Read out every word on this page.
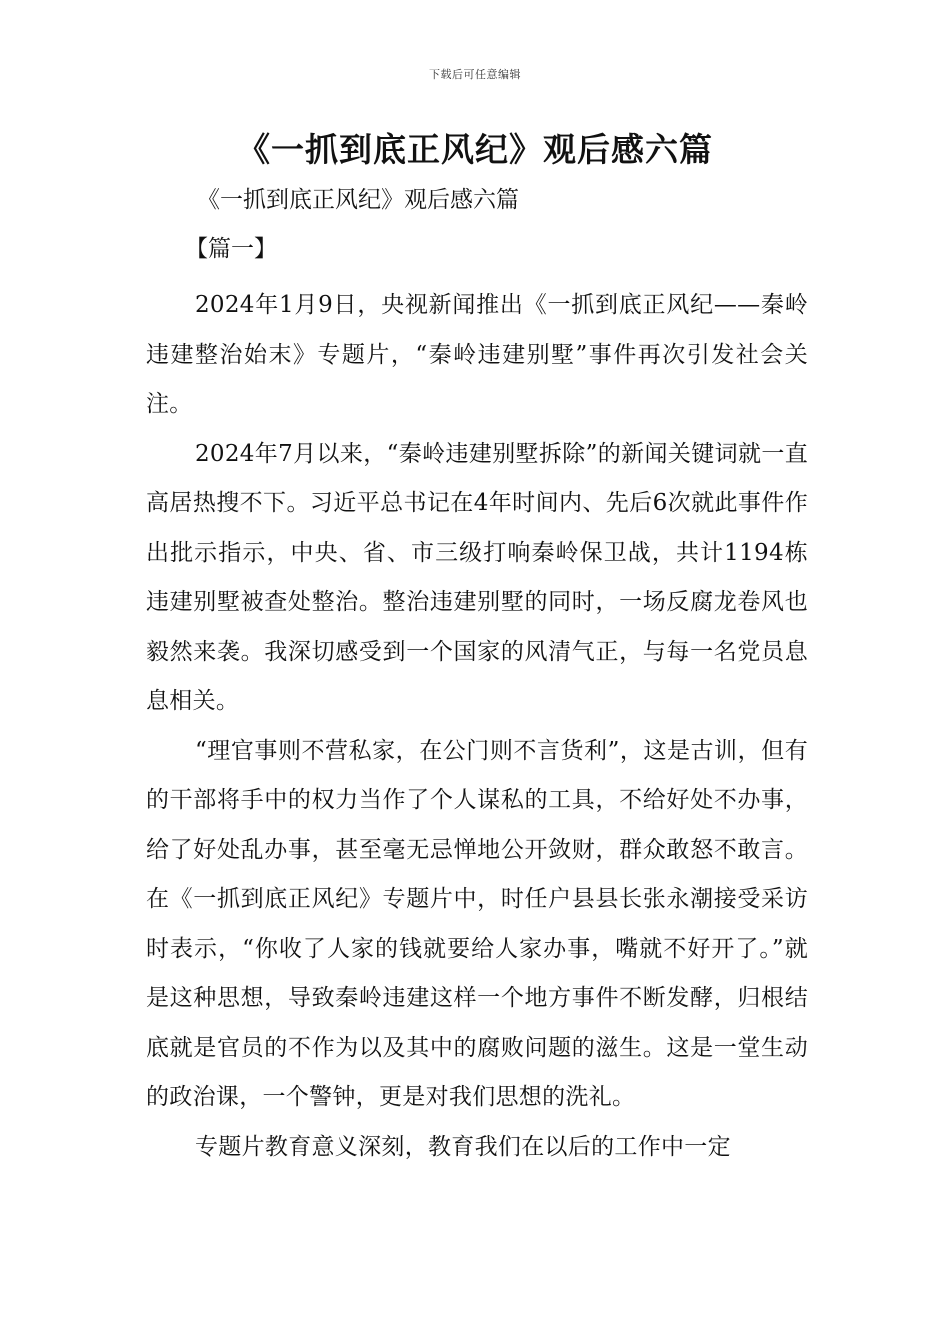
下载后可任意编辑
《一抓到底正风纪》观后感六篇

《一抓到底正风纪》观后感六篇

【篇一】

2024年1月9日，央视新闻推出《一抓到底正风纪——秦岭违建整治始末》专题片，“秦岭违建别墅”事件再次引发社会关注。

2024年7月以来，“秦岭违建别墅拆除”的新闻关键词就一直高居热搜不下。习近平总书记在4年时间内、先后6次就此事件作出批示指示，中央、省、市三级打响秦岭保卫战，共计1194栋违建别墅被查处整治。整治违建别墅的同时，一场反腐龙卷风也毅然来袭。我深切感受到一个国家的风清气正，与每一名党员息息相关。

“理官事则不营私家，在公门则不言货利”，这是古训，但有的干部将手中的权力当作了个人谋私的工具，不给好处不办事，给了好处乱办事，甚至毫无忌惮地公开敛财，群众敢怒不敢言。在《一抓到底正风纪》专题片中，时任户县县长张永潮接受采访时表示，“你收了人家的钱就要给人家办事，嘴就不好开了。”就是这种思想，导致秦岭违建这样一个地方事件不断发酵，归根结底就是官员的不作为以及其中的腐败问题的滋生。这是一堂生动的政治课，一个警钟，更是对我们思想的洗礼。

专题片教育意义深刻，教育我们在以后的工作中一定
